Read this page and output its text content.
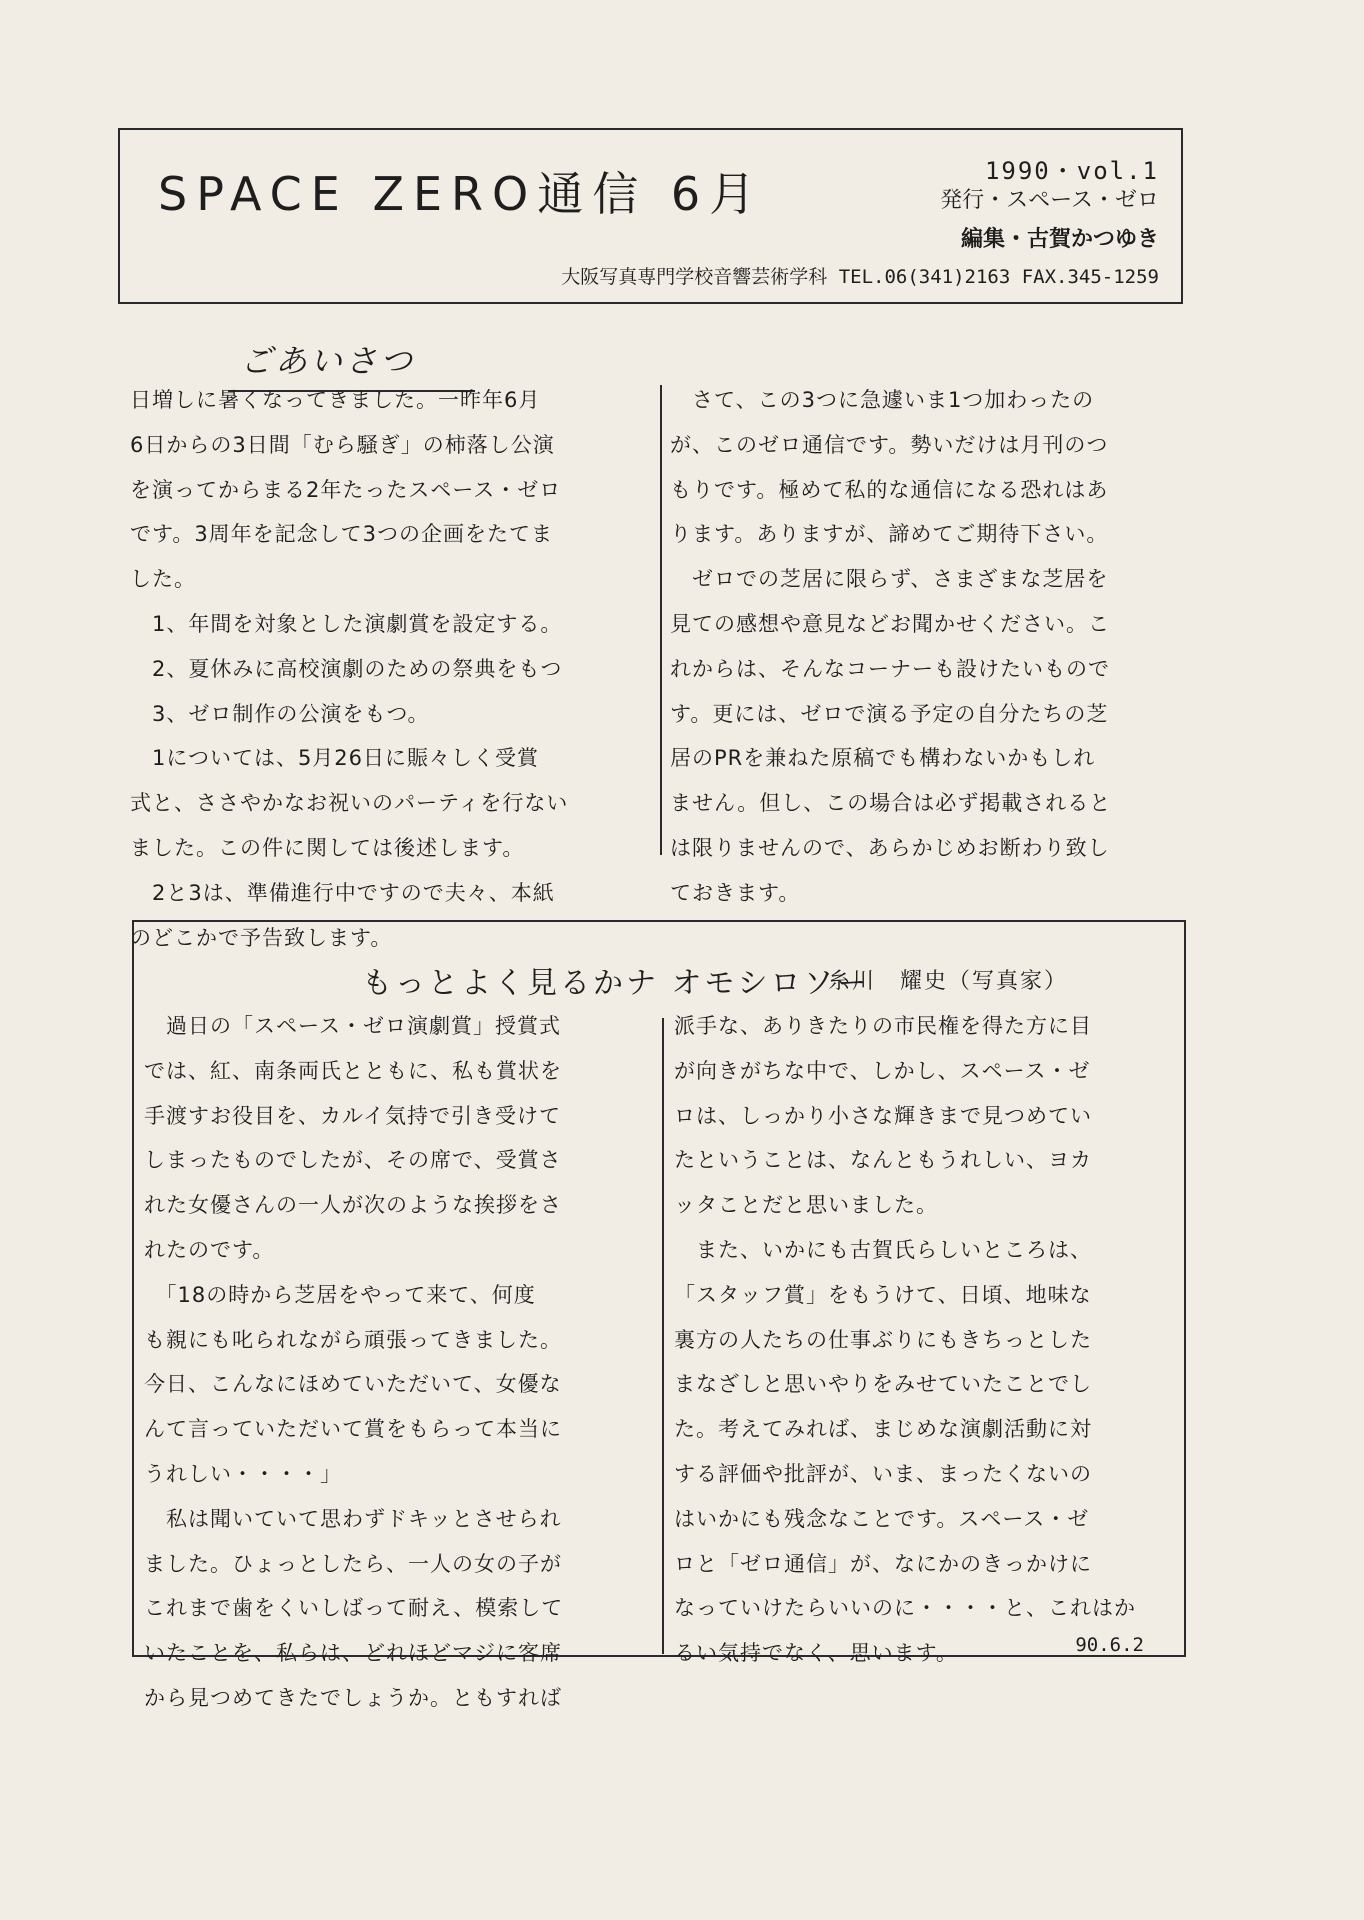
SPACE ZERO通信 6月	1990・vol.1
発行・スペース・ゼロ
編集・古賀かつゆき
大阪写真専門学校音響芸術学科 TEL.06(341)2163 FAX.345-1259
ごあいさつ
日増しに暑くなってきました。一昨年6月
6日からの3日間「むら騒ぎ」の柿落し公演
を演ってからまる2年たったスペース・ゼロ
です。3周年を記念して3つの企画をたてま
した。
　1、年間を対象とした演劇賞を設定する。
　2、夏休みに高校演劇のための祭典をもつ
　3、ゼロ制作の公演をもつ。
　1については、5月26日に賑々しく受賞
式と、ささやかなお祝いのパーティを行ない
ました。この件に関しては後述します。
　2と3は、準備進行中ですので夫々、本紙
のどこかで予告致します。
　さて、この3つに急遽いま1つ加わったの
が、このゼロ通信です。勢いだけは月刊のつ
もりです。極めて私的な通信になる恐れはあ
ります。ありますが、諦めてご期待下さい。
　ゼロでの芝居に限らず、さまざまな芝居を
見ての感想や意見などお聞かせください。こ
れからは、そんなコーナーも設けたいもので
す。更には、ゼロで演る予定の自分たちの芝
居のPRを兼ねた原稿でも構わないかもしれ
ません。但し、この場合は必ず掲載されると
は限りませんので、あらかじめお断わり致し
ておきます。
もっとよく見るかナ オモシロソー
糸川　耀史（写真家）
　過日の「スペース・ゼロ演劇賞」授賞式
では、紅、南条両氏とともに、私も賞状を
手渡すお役目を、カルイ気持で引き受けて
しまったものでしたが、その席で、受賞さ
れた女優さんの一人が次のような挨拶をさ
れたのです。
　「18の時から芝居をやって来て、何度
も親にも叱られながら頑張ってきました。
今日、こんなにほめていただいて、女優な
んて言っていただいて賞をもらって本当に
うれしい・・・・」
　私は聞いていて思わずドキッとさせられ
ました。ひょっとしたら、一人の女の子が
これまで歯をくいしばって耐え、模索して
いたことを、私らは、どれほどマジに客席
から見つめてきたでしょうか。ともすれば
派手な、ありきたりの市民権を得た方に目
が向きがちな中で、しかし、スペース・ゼ
ロは、しっかり小さな輝きまで見つめてい
たということは、なんともうれしい、ヨカ
ッタことだと思いました。
　また、いかにも古賀氏らしいところは、
「スタッフ賞」をもうけて、日頃、地味な
裏方の人たちの仕事ぶりにもきちっとした
まなざしと思いやりをみせていたことでし
た。考えてみれば、まじめな演劇活動に対
する評価や批評が、いま、まったくないの
はいかにも残念なことです。スペース・ゼ
ロと「ゼロ通信」が、なにかのきっかけに
なっていけたらいいのに・・・・と、これはか
るい気持でなく、思います。	90.6.2
